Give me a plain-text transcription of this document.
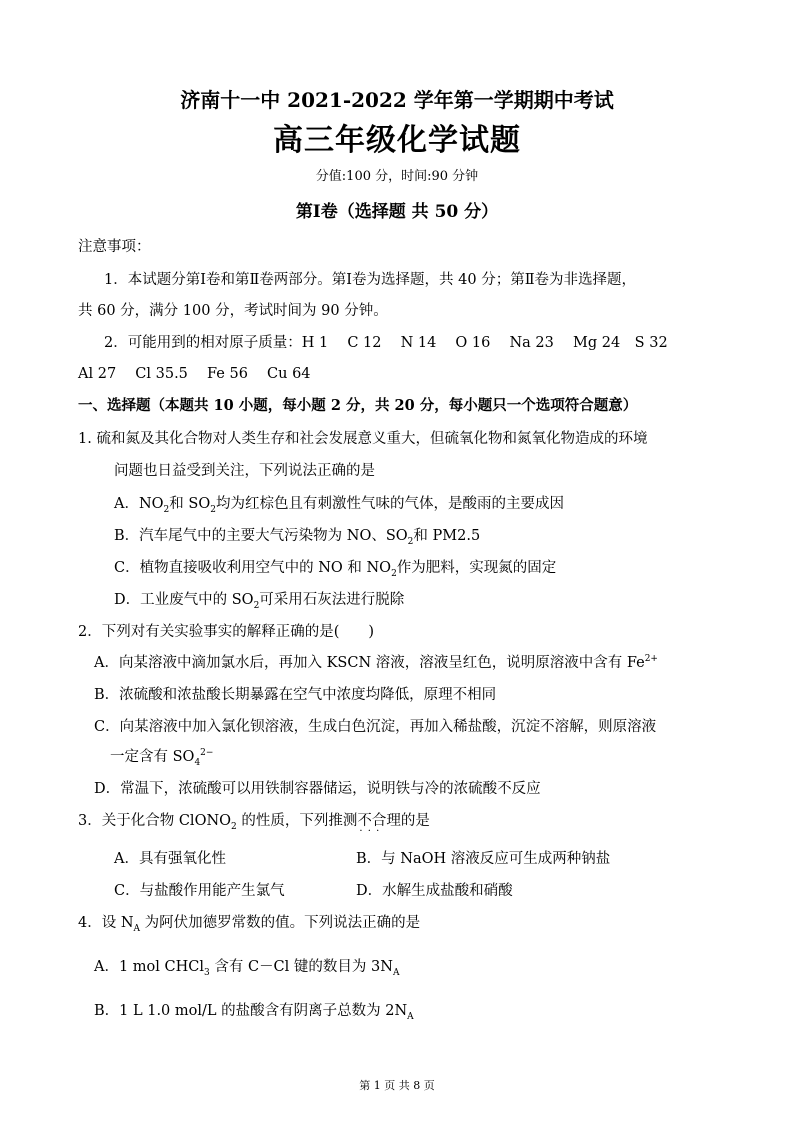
济南十一中 2021-2022 学年第一学期期中考试
高三年级化学试题
分值:100 分，时间:90 分钟
第Ⅰ卷（选择题 共 50 分）
注意事项：
1．本试题分第Ⅰ卷和第Ⅱ卷两部分。第Ⅰ卷为选择题，共 40 分；第Ⅱ卷为非选择题，
共 60 分，满分 100 分，考试时间为 90 分钟。
2．可能用到的相对原子质量：H 1　 C 12　 N 14　 O 16　 Na 23　 Mg 24　S 32
Al 27　 Cl 35.5　 Fe 56　 Cu 64
一、选择题（本题共 10 小题，每小题 2 分，共 20 分，每小题只一个选项符合题意）
1. 硫和氮及其化合物对人类生存和社会发展意义重大，但硫氧化物和氮氧化物造成的环境
问题也日益受到关注，下列说法正确的是
A．$NO_2$和 $SO_2$均为红棕色且有刺激性气味的气体，是酸雨的主要成因
B．汽车尾气中的主要大气污染物为 NO、$SO_2$和 PM2.5
C．植物直接吸收利用空气中的 NO 和 $NO_2$作为肥料，实现氮的固定
D．工业废气中的 $SO_2$可采用石灰法进行脱除
2．下列对有关实验事实的解释正确的是(　　)
A．向某溶液中滴加氯水后，再加入 KSCN 溶液，溶液呈红色，说明原溶液中含有 $Fe^{2+}$
B．浓硫酸和浓盐酸长期暴露在空气中浓度均降低，原理不相同
C．向某溶液中加入氯化钡溶液，生成白色沉淀，再加入稀盐酸，沉淀不溶解，则原溶液
一定含有 $SO_4^{2-}$
D．常温下，浓硫酸可以用铁制容器储运，说明铁与冷的浓硫酸不反应
3．关于化合物 ClONO$_2$ 的性质，下列推测不合理 · · ·的是
A．具有强氧化性	B．与 NaOH 溶液反应可生成两种钠盐
C．与盐酸作用能产生氯气	D．水解生成盐酸和硝酸
4．设 $N_A$ 为阿伏加德罗常数的值。下列说法正确的是
A．1 mol CHCl$_3$ 含有 C－Cl 键的数目为 $3N_A$
B．1 L 1.0 mol/L 的盐酸含有阴离子总数为 $2N_A$
第 1 页 共 8 页
